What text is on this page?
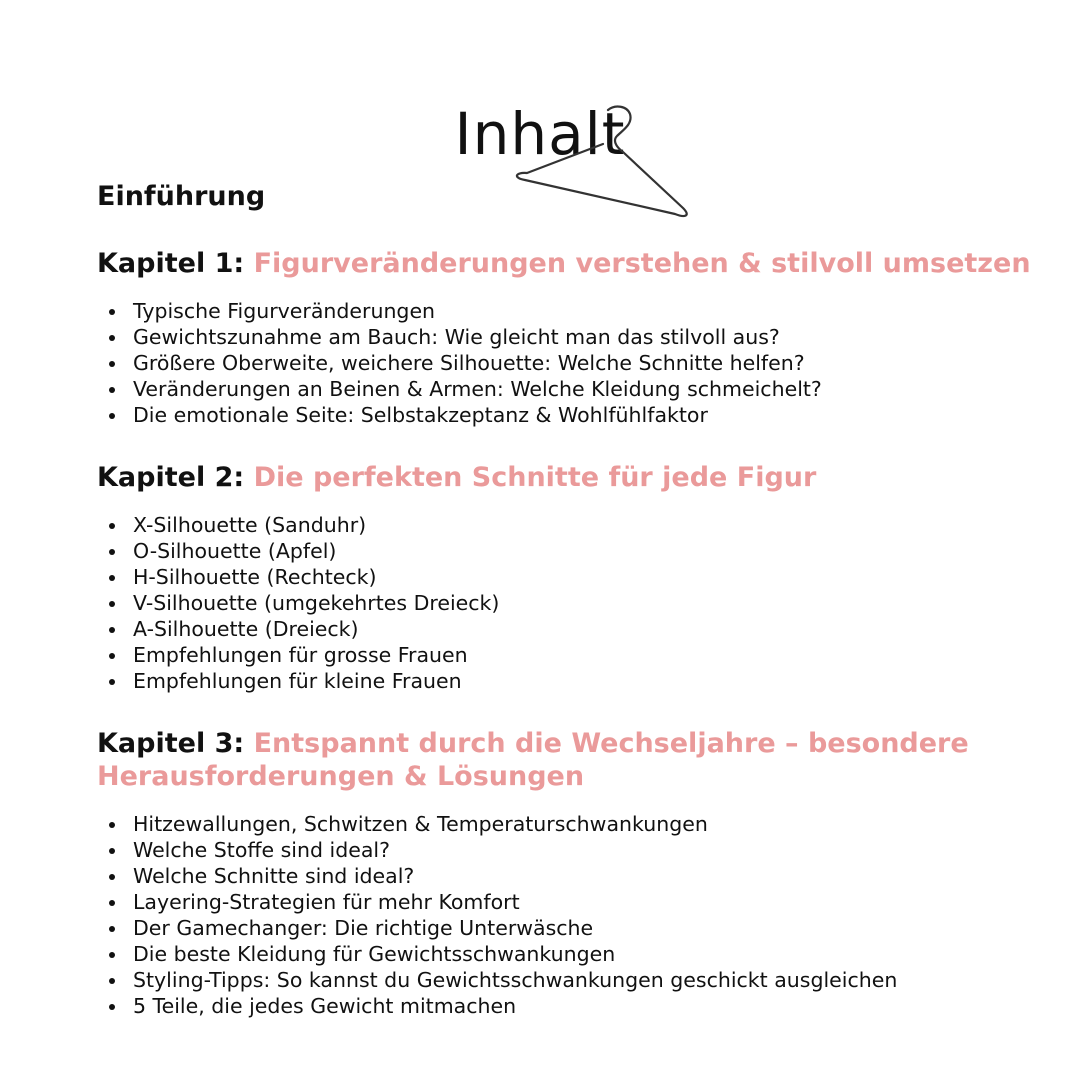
Inhalt
Einführung
Kapitel 1: Figurveränderungen verstehen & stilvoll umsetzen
Typische Figurveränderungen
Gewichtszunahme am Bauch: Wie gleicht man das stilvoll aus?
Größere Oberweite, weichere Silhouette: Welche Schnitte helfen?
Veränderungen an Beinen & Armen: Welche Kleidung schmeichelt?
Die emotionale Seite: Selbstakzeptanz & Wohlfühlfaktor
Kapitel 2: Die perfekten Schnitte für jede Figur
X-Silhouette (Sanduhr)
O-Silhouette (Apfel)
H-Silhouette (Rechteck)
V-Silhouette (umgekehrtes Dreieck)
A-Silhouette (Dreieck)
Empfehlungen für grosse Frauen
Empfehlungen für kleine Frauen
Kapitel 3: Entspannt durch die Wechseljahre – besondere Herausforderungen & Lösungen
Hitzewallungen, Schwitzen & Temperaturschwankungen
Welche Stoffe sind ideal?
Welche Schnitte sind ideal?
Layering-Strategien für mehr Komfort
Der Gamechanger: Die richtige Unterwäsche
Die beste Kleidung für Gewichtsschwankungen
Styling-Tipps: So kannst du Gewichtsschwankungen geschickt ausgleichen
5 Teile, die jedes Gewicht mitmachen
